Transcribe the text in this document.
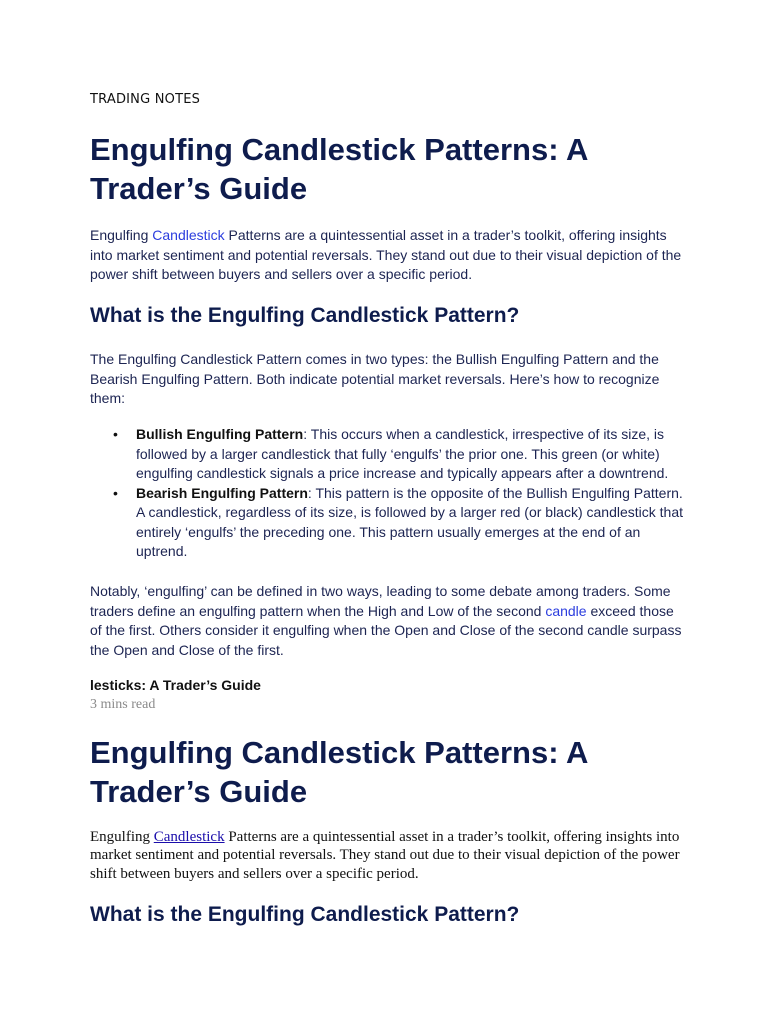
TRADING NOTES

Engulfing Candlestick Patterns: A Trader’s Guide

Engulfing Candlestick Patterns are a quintessential asset in a trader’s toolkit, offering insights into market sentiment and potential reversals. They stand out due to their visual depiction of the power shift between buyers and sellers over a specific period.

What is the Engulfing Candlestick Pattern?

The Engulfing Candlestick Pattern comes in two types: the Bullish Engulfing Pattern and the Bearish Engulfing Pattern. Both indicate potential market reversals. Here’s how to recognize them:

• Bullish Engulfing Pattern: This occurs when a candlestick, irrespective of its size, is followed by a larger candlestick that fully ‘engulfs’ the prior one. This green (or white) engulfing candlestick signals a price increase and typically appears after a downtrend.
• Bearish Engulfing Pattern: This pattern is the opposite of the Bullish Engulfing Pattern. A candlestick, regardless of its size, is followed by a larger red (or black) candlestick that entirely ‘engulfs’ the preceding one. This pattern usually emerges at the end of an uptrend.

Notably, ‘engulfing’ can be defined in two ways, leading to some debate among traders. Some traders define an engulfing pattern when the High and Low of the second candle exceed those of the first. Others consider it engulfing when the Open and Close of the second candle surpass the Open and Close of the first.

lesticks: A Trader’s Guide

3 mins read

Engulfing Candlestick Patterns: A Trader’s Guide

Engulfing Candlestick Patterns are a quintessential asset in a trader’s toolkit, offering insights into market sentiment and potential reversals. They stand out due to their visual depiction of the power shift between buyers and sellers over a specific period.

What is the Engulfing Candlestick Pattern?
